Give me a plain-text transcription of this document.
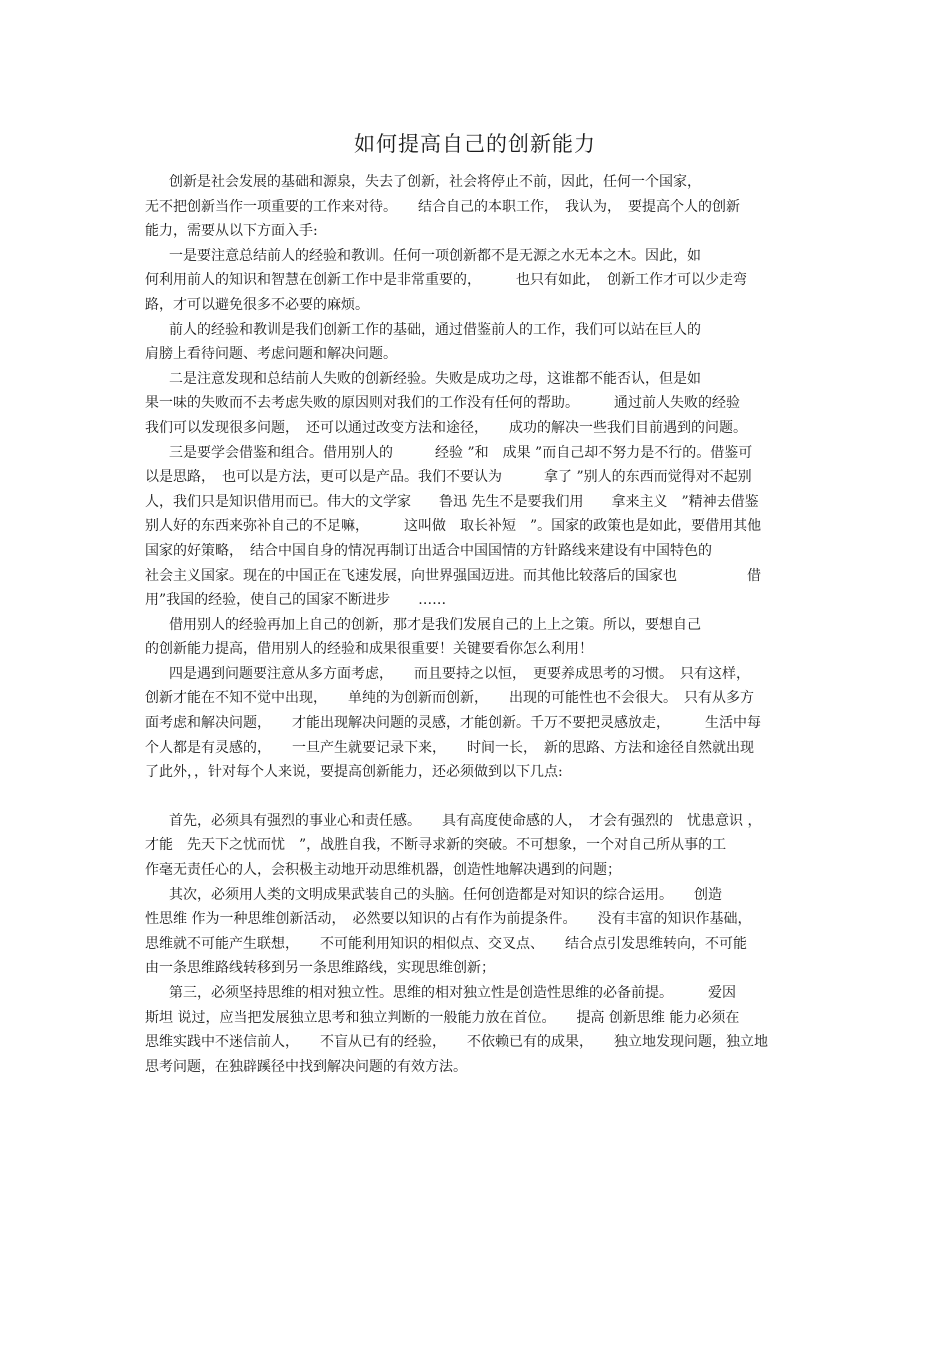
如何提高自己的创新能力

创新是社会发展的基础和源泉，失去了创新，社会将停止不前，因此，任何一个国家，
无不把创新当作一项重要的工作来对待。　　结合自己的本职工作，　我认为，　要提高个人的创新
能力，需要从以下方面入手:

一是要注意总结前人的经验和教训。任何一项创新都不是无源之水无本之木。因此，如
何利用前人的知识和智慧在创新工作中是非常重要的，　　　也只有如此，　创新工作才可以少走弯
路，才可以避免很多不必要的麻烦。

前人的经验和教训是我们创新工作的基础，通过借鉴前人的工作，我们可以站在巨人的
肩膀上看待问题、考虑问题和解决问题。

二是注意发现和总结前人失败的创新经验。失败是成功之母，这谁都不能否认，但是如
果一味的失败而不去考虑失败的原因则对我们的工作没有任何的帮助。　　　通过前人失败的经验
我们可以发现很多问题，　还可以通过改变方法和途径，　　成功的解决一些我们目前遇到的问题。

三是要学会借鉴和组合。借用别人的　　　经验 ”和　成果 ”而自己却不努力是不行的。借鉴可
以是思路，　也可以是方法，更可以是产品。我们不要认为　　　拿了 ”别人的东西而觉得对不起别
人，我们只是知识借用而已。伟大的文学家　　鲁迅 先生不是要我们用　　拿来主义　”精神去借鉴
别人好的东西来弥补自己的不足嘛，　　　这叫做　取长补短　”。国家的政策也是如此，要借用其他
国家的好策略，　结合中国自身的情况再制订出适合中国国情的方针路线来建设有中国特色的
社会主义国家。现在的中国正在飞速发展，向世界强国迈进。而其他比较落后的国家也　　　　　借
用”我国的经验，使自己的国家不断进步　　……

借用别人的经验再加上自己的创新，那才是我们发展自己的上上之策。所以，要想自己
的创新能力提高，借用别人的经验和成果很重要！关键要看你怎么利用！

四是遇到问题要注意从多方面考虑，　　而且要持之以恒，　更要养成思考的习惯。　只有这样，
创新才能在不知不觉中出现，　　单纯的为创新而创新，　　出现的可能性也不会很大。　只有从多方
面考虑和解决问题，　　才能出现解决问题的灵感，才能创新。千万不要把灵感放走，　　　生活中每
个人都是有灵感的，　　一旦产生就要记录下来，　　时间一长，　新的思路、方法和途径自然就出现
了此外，，针对每个人来说，要提高创新能力，还必须做到以下几点:

首先，必须具有强烈的事业心和责任感。　　具有高度使命感的人，　才会有强烈的　忧患意识 ，
才能　先天下之忧而忧　”，战胜自我，不断寻求新的突破。不可想象，一个对自己所从事的工
作毫无责任心的人，会积极主动地开动思维机器，创造性地解决遇到的问题；

其次，必须用人类的文明成果武装自己的头脑。任何创造都是对知识的综合运用。　　创造
性思维 作为一种思维创新活动，　必然要以知识的占有作为前提条件。　　没有丰富的知识作基础，
思维就不可能产生联想，　　不可能利用知识的相似点、交叉点、　　结合点引发思维转向，不可能
由一条思维路线转移到另一条思维路线，实现思维创新；

第三，必须坚持思维的相对独立性。思维的相对独立性是创造性思维的必备前提。　　　爱因
斯坦 说过，应当把发展独立思考和独立判断的一般能力放在首位。　　提高 创新思维 能力必须在
思维实践中不迷信前人，　　不盲从已有的经验，　　不依赖已有的成果，　　独立地发现问题，独立地
思考问题，在独辟蹊径中找到解决问题的有效方法。
